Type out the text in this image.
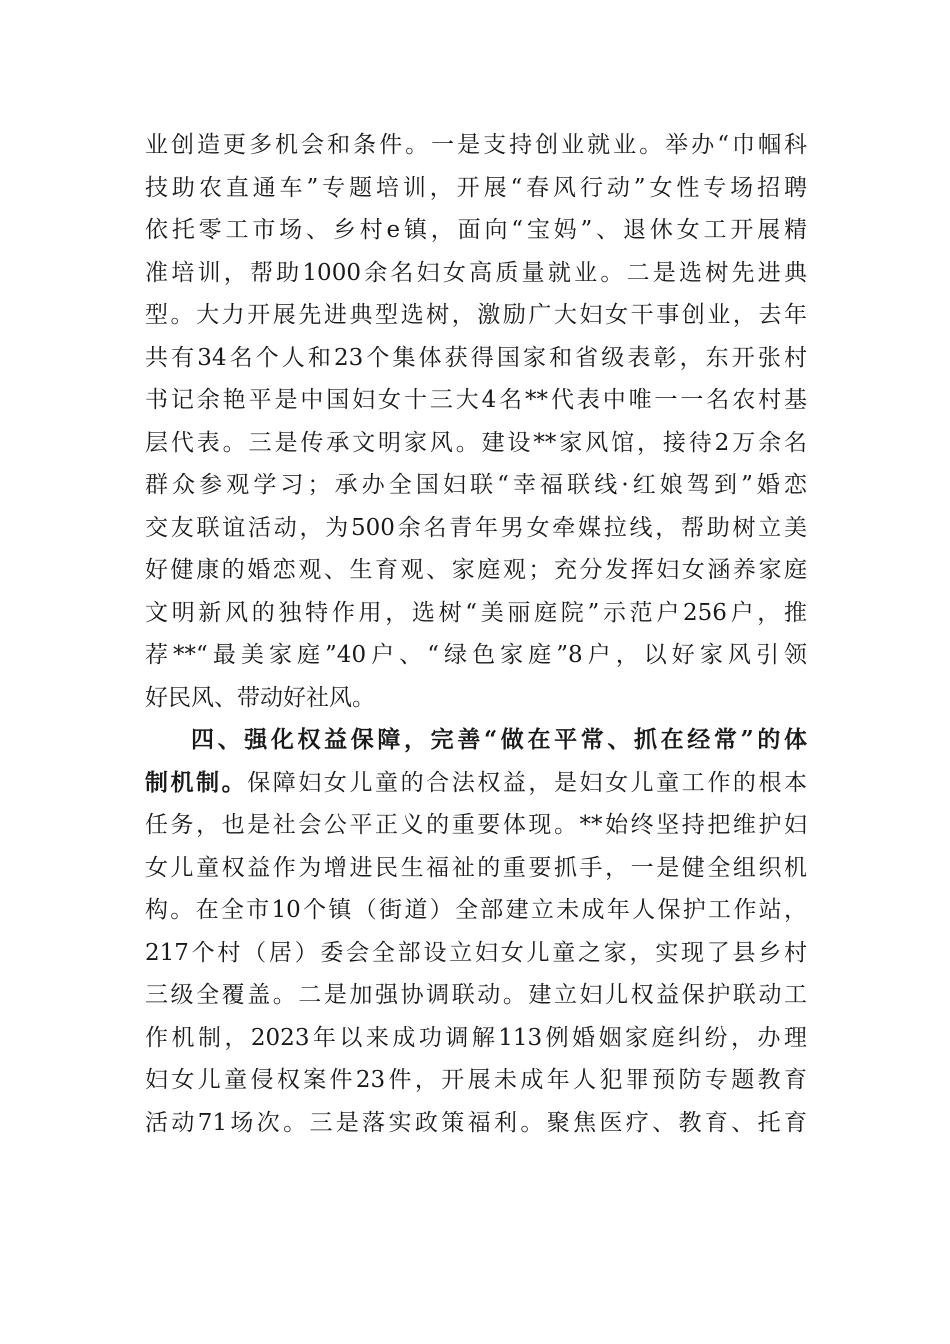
业创造更多机会和条件。一是支持创业就业。举办“巾帼科
技助农直通车”专题培训，开展“春风行动”女性专场招聘
依托零工市场、乡村e镇，面向“宝妈”、退休女工开展精
准培训，帮助1000余名妇女高质量就业。二是选树先进典
型。大力开展先进典型选树，激励广大妇女干事创业，去年
共有34名个人和23个集体获得国家和省级表彰，东开张村
书记余艳平是中国妇女十三大4名**代表中唯一一名农村基
层代表。三是传承文明家风。建设**家风馆，接待2万余名
群众参观学习；承办全国妇联“幸福联线·红娘驾到”婚恋
交友联谊活动，为500余名青年男女牵媒拉线，帮助树立美
好健康的婚恋观、生育观、家庭观；充分发挥妇女涵养家庭
文明新风的独特作用，选树“美丽庭院”示范户256户，推
荐**“最美家庭”40户、“绿色家庭”8户，以好家风引领
好民风、带动好社风。
四、强化权益保障，完善“做在平常、抓在经常”的体
制机制。保障妇女儿童的合法权益，是妇女儿童工作的根本
任务，也是社会公平正义的重要体现。**始终坚持把维护妇
女儿童权益作为增进民生福祉的重要抓手，一是健全组织机
构。在全市10个镇（街道）全部建立未成年人保护工作站，
217个村（居）委会全部设立妇女儿童之家，实现了县乡村
三级全覆盖。二是加强协调联动。建立妇儿权益保护联动工
作机制，2023年以来成功调解113例婚姻家庭纠纷，办理
妇女儿童侵权案件23件，开展未成年人犯罪预防专题教育
活动71场次。三是落实政策福利。聚焦医疗、教育、托育
